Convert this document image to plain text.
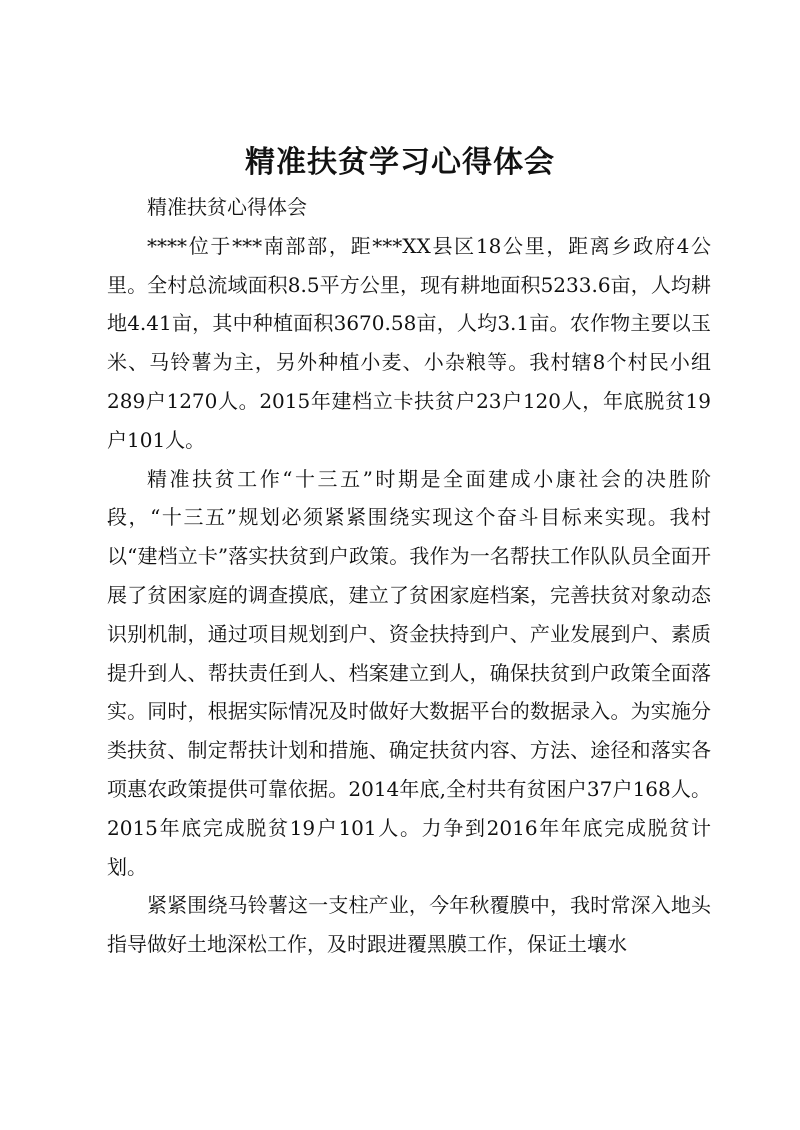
精准扶贫学习心得体会

精准扶贫心得体会

****位于***南部部，距***XX县区18公里，距离乡政府4公里。全村总流域面积8.5平方公里，现有耕地面积5233.6亩，人均耕地4.41亩，其中种植面积3670.58亩，人均3.1亩。农作物主要以玉米、马铃薯为主，另外种植小麦、小杂粮等。我村辖8个村民小组289户1270人。2015年建档立卡扶贫户23户120人，年底脱贫19户101人。

精准扶贫工作“十三五”时期是全面建成小康社会的决胜阶段，“十三五”规划必须紧紧围绕实现这个奋斗目标来实现。我村以“建档立卡”落实扶贫到户政策。我作为一名帮扶工作队队员全面开展了贫困家庭的调查摸底，建立了贫困家庭档案，完善扶贫对象动态识别机制，通过项目规划到户、资金扶持到户、产业发展到户、素质提升到人、帮扶责任到人、档案建立到人，确保扶贫到户政策全面落实。同时，根据实际情况及时做好大数据平台的数据录入。为实施分类扶贫、制定帮扶计划和措施、确定扶贫内容、方法、途径和落实各项惠农政策提供可靠依据。2014年底,全村共有贫困户37户168人。2015年底完成脱贫19户101人。力争到2016年年底完成脱贫计划。

紧紧围绕马铃薯这一支柱产业，今年秋覆膜中，我时常深入地头指导做好土地深松工作，及时跟进覆黑膜工作，保证土壤水
